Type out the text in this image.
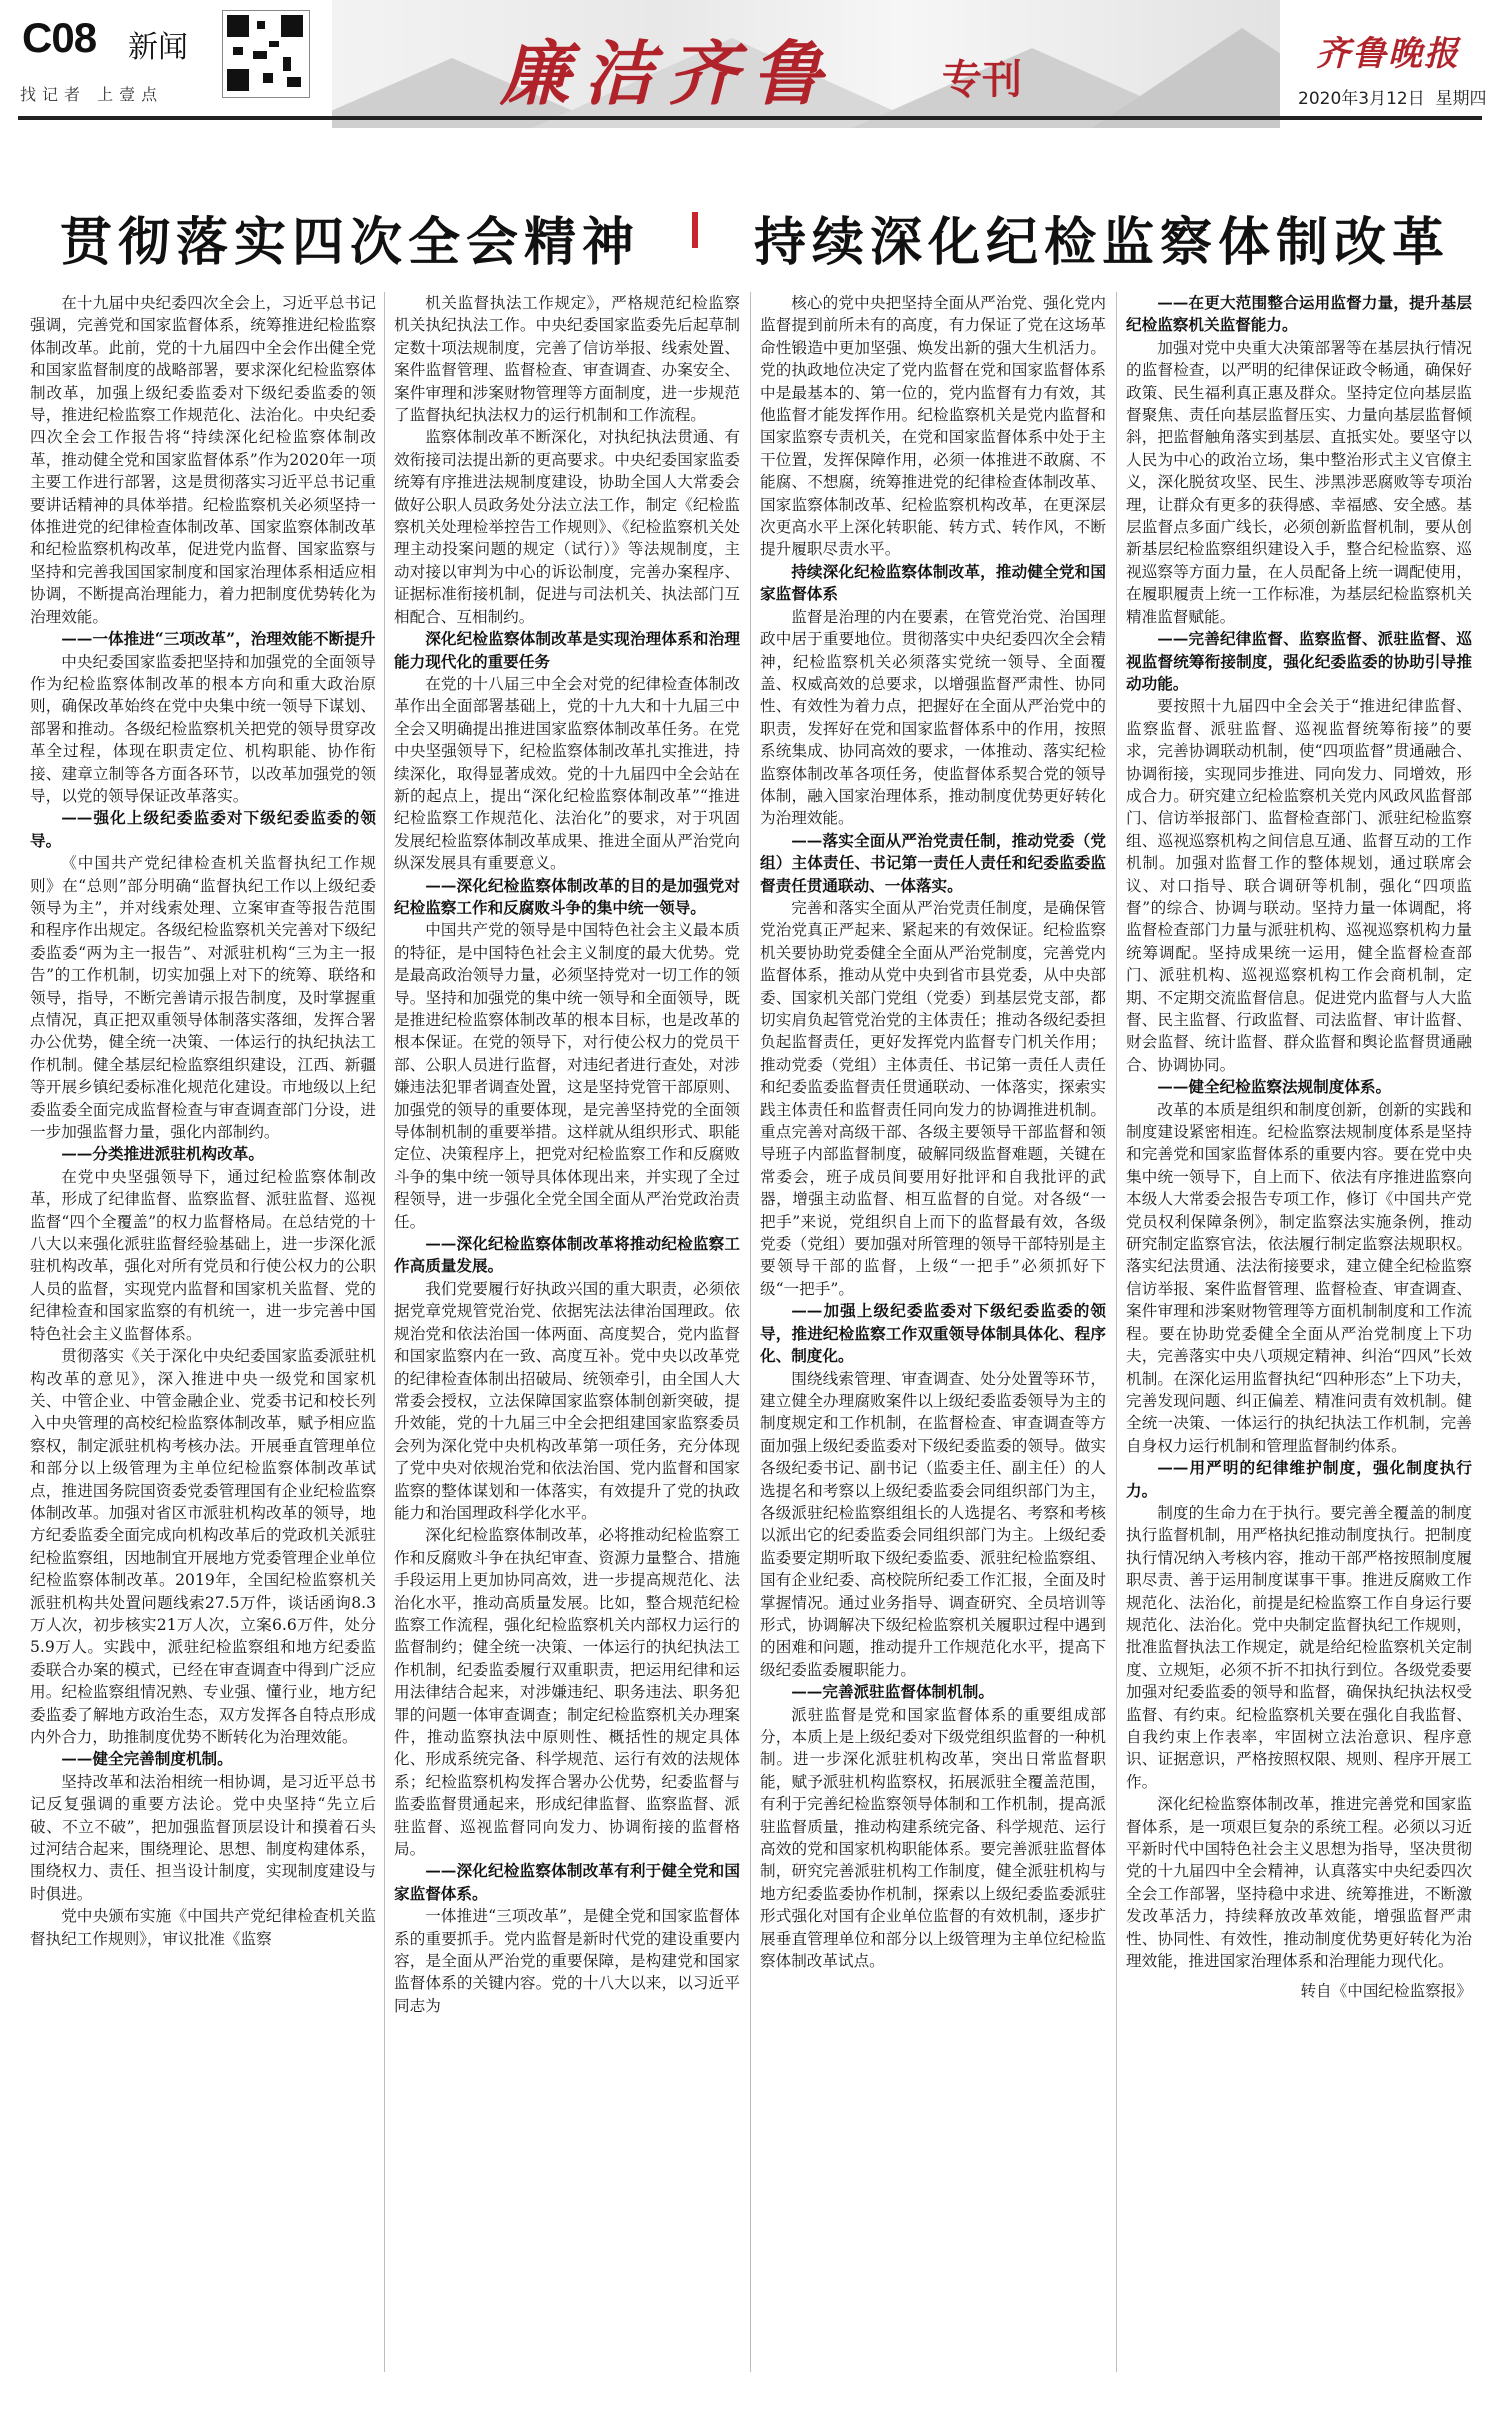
C08 新闻
找记者 上壹点	廉洁齐鲁	专刊
齐鲁晚报
2020年3月12日 星期四
贯彻落实四次全会精神 持续深化纪检监察体制改革

在十九届中央纪委四次全会上，习近平总书记强调，完善党和国家监督体系，统筹推进纪检监察体制改革。此前，党的十九届四中全会作出健全党和国家监督制度的战略部署，要求深化纪检监察体制改革，加强上级纪委监委对下级纪委监委的领导，推进纪检监察工作规范化、法治化。中央纪委四次全会工作报告将“持续深化纪检监察体制改革，推动健全党和国家监督体系”作为2020年一项主要工作进行部署，这是贯彻落实习近平总书记重要讲话精神的具体举措。纪检监察机关必须坚持一体推进党的纪律检查体制改革、国家监察体制改革和纪检监察机构改革，促进党内监督、国家监察与坚持和完善我国国家制度和国家治理体系相适应相协调，不断提高治理能力，着力把制度优势转化为治理效能。

——一体推进“三项改革”，治理效能不断提升

中央纪委国家监委把坚持和加强党的全面领导作为纪检监察体制改革的根本方向和重大政治原则，确保改革始终在党中央集中统一领导下谋划、部署和推动。各级纪检监察机关把党的领导贯穿改革全过程，体现在职责定位、机构职能、协作衔接、建章立制等各方面各环节，以改革加强党的领导，以党的领导保证改革落实。

——强化上级纪委监委对下级纪委监委的领导。

《中国共产党纪律检查机关监督执纪工作规则》在“总则”部分明确“监督执纪工作以上级纪委领导为主”，并对线索处理、立案审查等报告范围和程序作出规定。各级纪检监察机关完善对下级纪委监委“两为主一报告”、对派驻机构“三为主一报告”的工作机制，切实加强上对下的统筹、联络和领导，指导，不断完善请示报告制度，及时掌握重点情况，真正把双重领导体制落实落细，发挥合署办公优势，健全统一决策、一体运行的执纪执法工作机制。健全基层纪检监察组织建设，江西、新疆等开展乡镇纪委标准化规范化建设。市地级以上纪委监委全面完成监督检查与审查调查部门分设，进一步加强监督力量，强化内部制约。

——分类推进派驻机构改革。

在党中央坚强领导下，通过纪检监察体制改革，形成了纪律监督、监察监督、派驻监督、巡视监督“四个全覆盖”的权力监督格局。在总结党的十八大以来强化派驻监督经验基础上，进一步深化派驻机构改革，强化对所有党员和行使公权力的公职人员的监督，实现党内监督和国家机关监督、党的纪律检查和国家监察的有机统一，进一步完善中国特色社会主义监督体系。

贯彻落实《关于深化中央纪委国家监委派驻机构改革的意见》，深入推进中央一级党和国家机关、中管企业、中管金融企业、党委书记和校长列入中央管理的高校纪检监察体制改革，赋予相应监察权，制定派驻机构考核办法。开展垂直管理单位和部分以上级管理为主单位纪检监察体制改革试点，推进国务院国资委党委管理国有企业纪检监察体制改革。加强对省区市派驻机构改革的领导，地方纪委监委全面完成向机构改革后的党政机关派驻纪检监察组，因地制宜开展地方党委管理企业单位纪检监察体制改革。2019年，全国纪检监察机关派驻机构共处置问题线索27.5万件，谈话函询8.3万人次，初步核实21万人次，立案6.6万件，处分5.9万人。实践中，派驻纪检监察组和地方纪委监委联合办案的模式，已经在审查调查中得到广泛应用。纪检监察组情况熟、专业强、懂行业，地方纪委监委了解地方政治生态，双方发挥各自特点形成内外合力，助推制度优势不断转化为治理效能。

——健全完善制度机制。

坚持改革和法治相统一相协调，是习近平总书记反复强调的重要方法论。党中央坚持“先立后破、不立不破”，把加强监督顶层设计和摸着石头过河结合起来，围绕理论、思想、制度构建体系，围绕权力、责任、担当设计制度，实现制度建设与时俱进。

党中央颁布实施《中国共产党纪律检查机关监督执纪工作规则》，审议批准《监察

机关监督执法工作规定》，严格规范纪检监察机关执纪执法工作。中央纪委国家监委先后起草制定数十项法规制度，完善了信访举报、线索处置、案件监督管理、监督检查、审查调查、办案安全、案件审理和涉案财物管理等方面制度，进一步规范了监督执纪执法权力的运行机制和工作流程。

监察体制改革不断深化，对执纪执法贯通、有效衔接司法提出新的更高要求。中央纪委国家监委统筹有序推进法规制度建设，协助全国人大常委会做好公职人员政务处分法立法工作，制定《纪检监察机关处理检举控告工作规则》、《纪检监察机关处理主动投案问题的规定（试行）》等法规制度，主动对接以审判为中心的诉讼制度，完善办案程序、证据标准衔接机制，促进与司法机关、执法部门互相配合、互相制约。

深化纪检监察体制改革是实现治理体系和治理能力现代化的重要任务

在党的十八届三中全会对党的纪律检查体制改革作出全面部署基础上，党的十九大和十九届三中全会又明确提出推进国家监察体制改革任务。在党中央坚强领导下，纪检监察体制改革扎实推进，持续深化，取得显著成效。党的十九届四中全会站在新的起点上，提出“深化纪检监察体制改革”“推进纪检监察工作规范化、法治化”的要求，对于巩固发展纪检监察体制改革成果、推进全面从严治党向纵深发展具有重要意义。

——深化纪检监察体制改革的目的是加强党对纪检监察工作和反腐败斗争的集中统一领导。

中国共产党的领导是中国特色社会主义最本质的特征，是中国特色社会主义制度的最大优势。党是最高政治领导力量，必须坚持党对一切工作的领导。坚持和加强党的集中统一领导和全面领导，既是推进纪检监察体制改革的根本目标，也是改革的根本保证。在党的领导下，对行使公权力的党员干部、公职人员进行监督，对违纪者进行查处，对涉嫌违法犯罪者调查处置，这是坚持党管干部原则、加强党的领导的重要体现，是完善坚持党的全面领导体制机制的重要举措。这样就从组织形式、职能定位、决策程序上，把党对纪检监察工作和反腐败斗争的集中统一领导具体体现出来，并实现了全过程领导，进一步强化全党全国全面从严治党政治责任。

——深化纪检监察体制改革将推动纪检监察工作高质量发展。

我们党要履行好执政兴国的重大职责，必须依据党章党规管党治党、依据宪法法律治国理政。依规治党和依法治国一体两面、高度契合，党内监督和国家监察内在一致、高度互补。党中央以改革党的纪律检查体制出招破局、统领牵引，由全国人大常委会授权，立法保障国家监察体制创新突破，提升效能，党的十九届三中全会把组建国家监察委员会列为深化党中央机构改革第一项任务，充分体现了党中央对依规治党和依法治国、党内监督和国家监察的整体谋划和一体落实，有效提升了党的执政能力和治国理政科学化水平。

深化纪检监察体制改革，必将推动纪检监察工作和反腐败斗争在执纪审查、资源力量整合、措施手段运用上更加协同高效，进一步提高规范化、法治化水平，推动高质量发展。比如，整合规范纪检监察工作流程，强化纪检监察机关内部权力运行的监督制约；健全统一决策、一体运行的执纪执法工作机制，纪委监委履行双重职责，把运用纪律和运用法律结合起来，对涉嫌违纪、职务违法、职务犯罪的问题一体审查调查；制定纪检监察机关办理案件，推动监察执法中原则性、概括性的规定具体化、形成系统完备、科学规范、运行有效的法规体系；纪检监察机构发挥合署办公优势，纪委监督与监委监督贯通起来，形成纪律监督、监察监督、派驻监督、巡视监督同向发力、协调衔接的监督格局。

——深化纪检监察体制改革有利于健全党和国家监督体系。

一体推进“三项改革”，是健全党和国家监督体系的重要抓手。党内监督是新时代党的建设重要内容，是全面从严治党的重要保障，是构建党和国家监督体系的关键内容。党的十八大以来，以习近平同志为

核心的党中央把坚持全面从严治党、强化党内监督提到前所未有的高度，有力保证了党在这场革命性锻造中更加坚强、焕发出新的强大生机活力。党的执政地位决定了党内监督在党和国家监督体系中是最基本的、第一位的，党内监督有力有效，其他监督才能发挥作用。纪检监察机关是党内监督和国家监察专责机关，在党和国家监督体系中处于主干位置，发挥保障作用，必须一体推进不敢腐、不能腐、不想腐，统筹推进党的纪律检查体制改革、国家监察体制改革、纪检监察机构改革，在更深层次更高水平上深化转职能、转方式、转作风，不断提升履职尽责水平。

持续深化纪检监察体制改革，推动健全党和国家监督体系

监督是治理的内在要素，在管党治党、治国理政中居于重要地位。贯彻落实中央纪委四次全会精神，纪检监察机关必须落实党统一领导、全面覆盖、权威高效的总要求，以增强监督严肃性、协同性、有效性为着力点，把握好在全面从严治党中的职责，发挥好在党和国家监督体系中的作用，按照系统集成、协同高效的要求，一体推动、落实纪检监察体制改革各项任务，使监督体系契合党的领导体制，融入国家治理体系，推动制度优势更好转化为治理效能。

——落实全面从严治党责任制，推动党委（党组）主体责任、书记第一责任人责任和纪委监委监督责任贯通联动、一体落实。

完善和落实全面从严治党责任制度，是确保管党治党真正严起来、紧起来的有效保证。纪检监察机关要协助党委健全全面从严治党制度，完善党内监督体系，推动从党中央到省市县党委，从中央部委、国家机关部门党组（党委）到基层党支部，都切实肩负起管党治党的主体责任；推动各级纪委担负起监督责任，更好发挥党内监督专门机关作用；推动党委（党组）主体责任、书记第一责任人责任和纪委监委监督责任贯通联动、一体落实，探索实践主体责任和监督责任同向发力的协调推进机制。重点完善对高级干部、各级主要领导干部监督和领导班子内部监督制度，破解同级监督难题，关键在常委会，班子成员间要用好批评和自我批评的武器，增强主动监督、相互监督的自觉。对各级“一把手”来说，党组织自上而下的监督最有效，各级党委（党组）要加强对所管理的领导干部特别是主要领导干部的监督，上级“一把手”必须抓好下级“一把手”。

——加强上级纪委监委对下级纪委监委的领导，推进纪检监察工作双重领导体制具体化、程序化、制度化。

围绕线索管理、审查调查、处分处置等环节，建立健全办理腐败案件以上级纪委监委领导为主的制度规定和工作机制，在监督检查、审查调查等方面加强上级纪委监委对下级纪委监委的领导。做实各级纪委书记、副书记（监委主任、副主任）的人选提名和考察以上级纪委监委会同组织部门为主，各级派驻纪检监察组组长的人选提名、考察和考核以派出它的纪委监委会同组织部门为主。上级纪委监委要定期听取下级纪委监委、派驻纪检监察组、国有企业纪委、高校院所纪委工作汇报，全面及时掌握情况。通过业务指导、调查研究、全员培训等形式，协调解决下级纪检监察机关履职过程中遇到的困难和问题，推动提升工作规范化水平，提高下级纪委监委履职能力。

——完善派驻监督体制机制。

派驻监督是党和国家监督体系的重要组成部分，本质上是上级纪委对下级党组织监督的一种机制。进一步深化派驻机构改革，突出日常监督职能，赋予派驻机构监察权，拓展派驻全覆盖范围，有利于完善纪检监察领导体制和工作机制，提高派驻监督质量，推动构建系统完备、科学规范、运行高效的党和国家机构职能体系。要完善派驻监督体制，研究完善派驻机构工作制度，健全派驻机构与地方纪委监委协作机制，探索以上级纪委监委派驻形式强化对国有企业单位监督的有效机制，逐步扩展垂直管理单位和部分以上级管理为主单位纪检监察体制改革试点。

——在更大范围整合运用监督力量，提升基层纪检监察机关监督能力。

加强对党中央重大决策部署等在基层执行情况的监督检查，以严明的纪律保证政令畅通，确保好政策、民生福利真正惠及群众。坚持定位向基层监督聚焦、责任向基层监督压实、力量向基层监督倾斜，把监督触角落实到基层、直抵实处。要坚守以人民为中心的政治立场，集中整治形式主义官僚主义，深化脱贫攻坚、民生、涉黑涉恶腐败等专项治理，让群众有更多的获得感、幸福感、安全感。基层监督点多面广线长，必须创新监督机制，要从创新基层纪检监察组织建设入手，整合纪检监察、巡视巡察等方面力量，在人员配备上统一调配使用，在履职履责上统一工作标准，为基层纪检监察机关精准监督赋能。

——完善纪律监督、监察监督、派驻监督、巡视监督统筹衔接制度，强化纪委监委的协助引导推动功能。

要按照十九届四中全会关于“推进纪律监督、监察监督、派驻监督、巡视监督统筹衔接”的要求，完善协调联动机制，使“四项监督”贯通融合、协调衔接，实现同步推进、同向发力、同增效，形成合力。研究建立纪检监察机关党内风政风监督部门、信访举报部门、监督检查部门、派驻纪检监察组、巡视巡察机构之间信息互通、监督互动的工作机制。加强对监督工作的整体规划，通过联席会议、对口指导、联合调研等机制，强化“四项监督”的综合、协调与联动。坚持力量一体调配，将监督检查部门力量与派驻机构、巡视巡察机构力量统筹调配。坚持成果统一运用，健全监督检查部门、派驻机构、巡视巡察机构工作会商机制，定期、不定期交流监督信息。促进党内监督与人大监督、民主监督、行政监督、司法监督、审计监督、财会监督、统计监督、群众监督和舆论监督贯通融合、协调协同。

——健全纪检监察法规制度体系。

改革的本质是组织和制度创新，创新的实践和制度建设紧密相连。纪检监察法规制度体系是坚持和完善党和国家监督体系的重要内容。要在党中央集中统一领导下，自上而下、依法有序推进监察向本级人大常委会报告专项工作，修订《中国共产党党员权利保障条例》，制定监察法实施条例，推动研究制定监察官法，依法履行制定监察法规职权。落实纪法贯通、法法衔接要求，建立健全纪检监察信访举报、案件监督管理、监督检查、审查调查、案件审理和涉案财物管理等方面机制制度和工作流程。要在协助党委健全全面从严治党制度上下功夫，完善落实中央八项规定精神、纠治“四风”长效机制。在深化运用监督执纪“四种形态”上下功夫，完善发现问题、纠正偏差、精准问责有效机制。健全统一决策、一体运行的执纪执法工作机制，完善自身权力运行机制和管理监督制约体系。

——用严明的纪律维护制度，强化制度执行力。

制度的生命力在于执行。要完善全覆盖的制度执行监督机制，用严格执纪推动制度执行。把制度执行情况纳入考核内容，推动干部严格按照制度履职尽责、善于运用制度谋事干事。推进反腐败工作规范化、法治化，前提是纪检监察工作自身运行要规范化、法治化。党中央制定监督执纪工作规则，批准监督执法工作规定，就是给纪检监察机关定制度、立规矩，必须不折不扣执行到位。各级党委要加强对纪委监委的领导和监督，确保执纪执法权受监督、有约束。纪检监察机关要在强化自我监督、自我约束上作表率，牢固树立法治意识、程序意识、证据意识，严格按照权限、规则、程序开展工作。

深化纪检监察体制改革，推进完善党和国家监督体系，是一项艰巨复杂的系统工程。必须以习近平新时代中国特色社会主义思想为指导，坚决贯彻党的十九届四中全会精神，认真落实中央纪委四次全会工作部署，坚持稳中求进、统筹推进，不断激发改革活力，持续释放改革效能，增强监督严肃性、协同性、有效性，推动制度优势更好转化为治理效能，推进国家治理体系和治理能力现代化。

转自《中国纪检监察报》
